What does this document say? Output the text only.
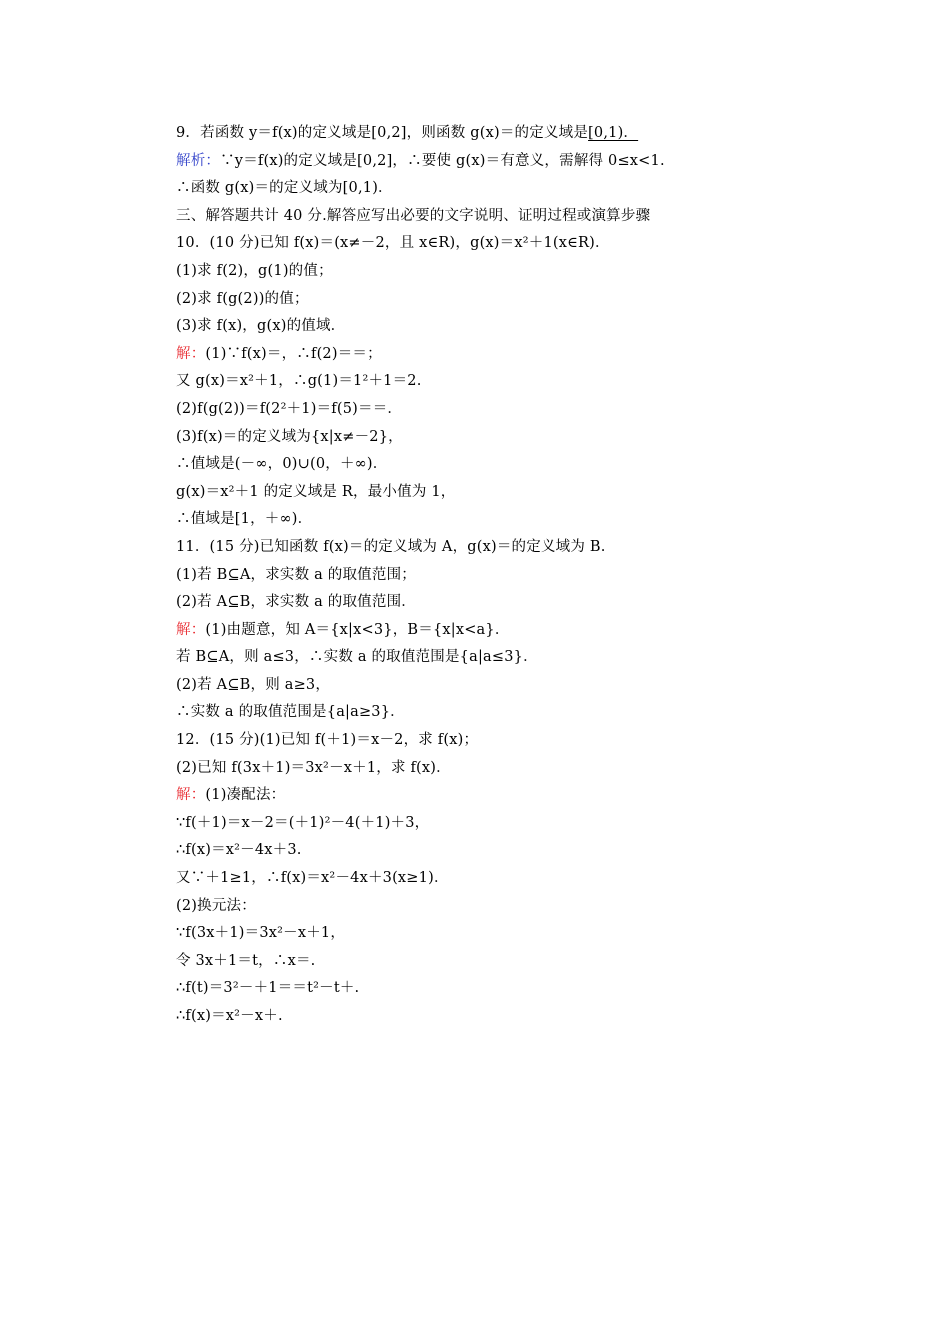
9．若函数 y＝f(x)的定义域是[0,2]，则函数 g(x)＝的定义域是[0,1)．
解析：∵y＝f(x)的定义域是[0,2]，∴要使 g(x)＝有意义，需解得 0≤x<1.
∴函数 g(x)＝的定义域为[0,1)．
三、解答题共计 40 分.解答应写出必要的文字说明、证明过程或演算步骤
10．(10 分)已知 f(x)＝(x≠－2，且 x∈R)，g(x)＝x²＋1(x∈R)．
(1)求 f(2)，g(1)的值；
(2)求 f(g(2))的值；
(3)求 f(x)，g(x)的值域．
解：(1)∵f(x)＝，∴f(2)＝＝；
又 g(x)＝x²＋1，∴g(1)＝1²＋1＝2.
(2)f(g(2))＝f(2²＋1)＝f(5)＝＝．
(3)f(x)＝的定义域为{x|x≠－2}，
∴值域是(－∞，0)∪(0，＋∞)．
g(x)＝x²＋1 的定义域是 R，最小值为 1，
∴值域是[1，＋∞)．
11．(15 分)已知函数 f(x)＝的定义域为 A，g(x)＝的定义域为 B.
(1)若 B⊆A，求实数 a 的取值范围；
(2)若 A⊆B，求实数 a 的取值范围．
解：(1)由题意，知 A＝{x|x<3}，B＝{x|x<a}．
若 B⊆A，则 a≤3，∴实数 a 的取值范围是{a|a≤3}．
(2)若 A⊆B，则 a≥3，
∴实数 a 的取值范围是{a|a≥3}．
12．(15 分)(1)已知 f(＋1)＝x－2，求 f(x)；
(2)已知 f(3x＋1)＝3x²－x＋1，求 f(x)．
解：(1)凑配法：
∵f(＋1)＝x－2＝(＋1)²－4(＋1)＋3，
∴f(x)＝x²－4x＋3.
又∵＋1≥1，∴f(x)＝x²－4x＋3(x≥1)．
(2)换元法：
∵f(3x＋1)＝3x²－x＋1，
令 3x＋1＝t，∴x＝.
∴f(t)＝3²－＋1＝＝t²－t＋.
∴f(x)＝x²－x＋.
